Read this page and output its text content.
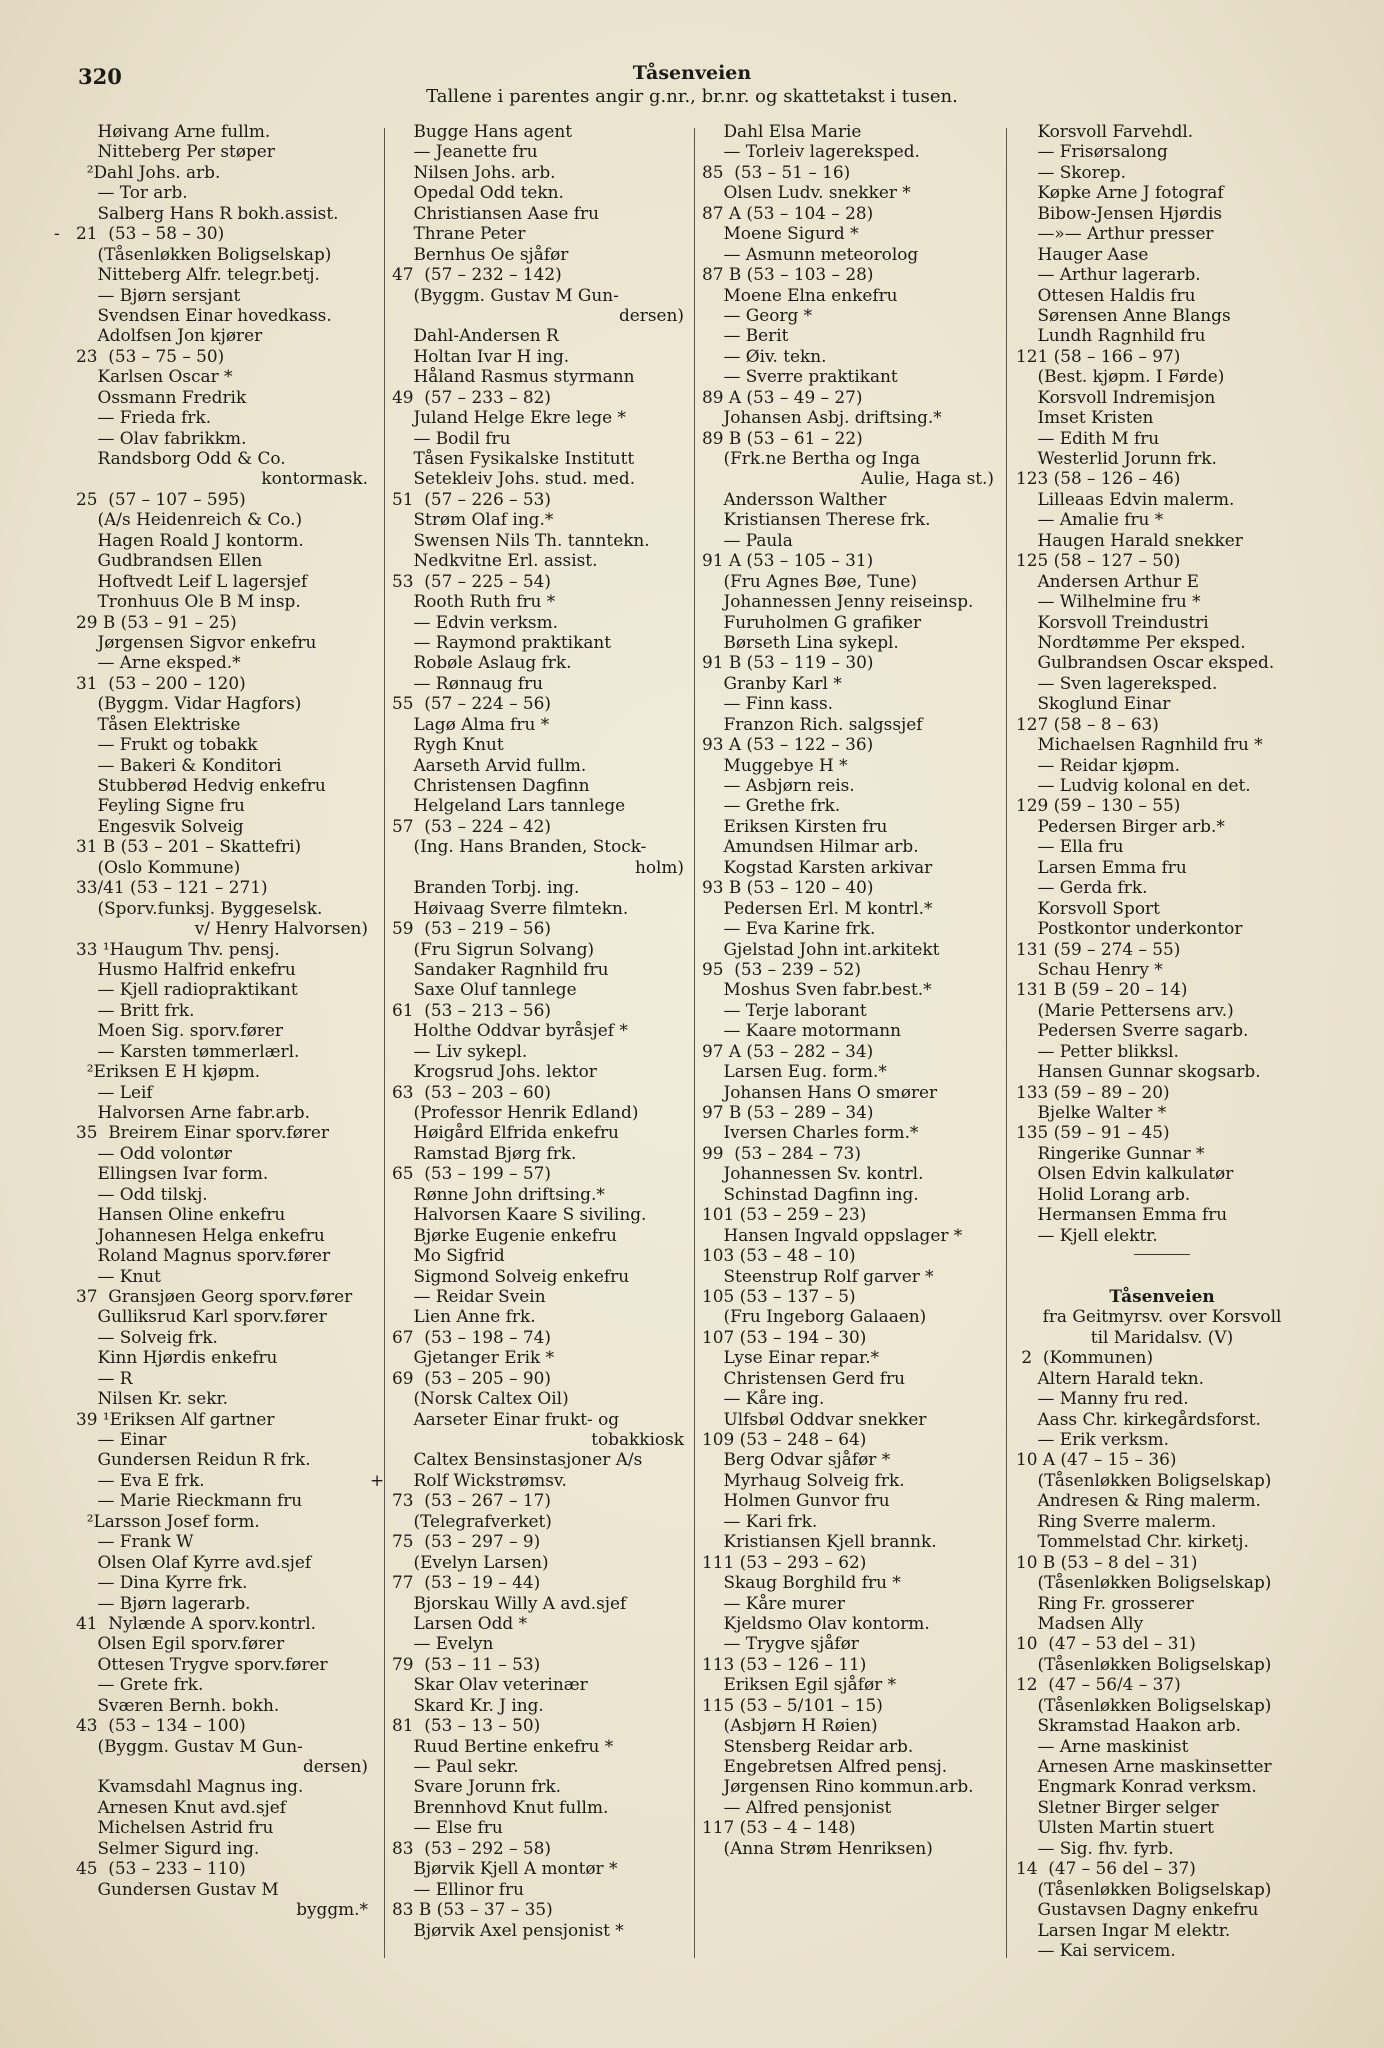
320	Tåsenveien
Tallene i parentes angir g.nr., br.nr. og skattetakst i tusen.
Høivang Arne fullm.
Nitteberg Per støper
²Dahl Johs. arb.
— Tor arb.
Salberg Hans R bokh.assist.
21  (53 – 58 – 30)
-
(Tåsenløkken Boligselskap)
Nitteberg Alfr. telegr.betj.
— Bjørn sersjant
Svendsen Einar hovedkass.
Adolfsen Jon kjører
23  (53 – 75 – 50)
Karlsen Oscar *
Ossmann Fredrik
— Frieda frk.
— Olav fabrikkm.
Randsborg Odd & Co.
kontormask.
25  (57 – 107 – 595)
(A/s Heidenreich & Co.)
Hagen Roald J kontorm.
Gudbrandsen Ellen
Hoftvedt Leif L lagersjef
Tronhuus Ole B M insp.
29 B (53 – 91 – 25)
Jørgensen Sigvor enkefru
— Arne eksped.*
31  (53 – 200 – 120)
(Byggm. Vidar Hagfors)
Tåsen Elektriske
— Frukt og tobakk
— Bakeri & Konditori
Stubberød Hedvig enkefru
Feyling Signe fru
Engesvik Solveig
31 B (53 – 201 – Skattefri)
(Oslo Kommune)
33/41 (53 – 121 – 271)
(Sporv.funksj. Byggeselsk.
v/ Henry Halvorsen)
33 ¹Haugum Thv. pensj.
Husmo Halfrid enkefru
— Kjell radiopraktikant
— Britt frk.
Moen Sig. sporv.fører
— Karsten tømmerlærl.
²Eriksen E H kjøpm.
— Leif
Halvorsen Arne fabr.arb.
35  Breirem Einar sporv.fører
— Odd volontør
Ellingsen Ivar form.
— Odd tilskj.
Hansen Oline enkefru
Johannesen Helga enkefru
Roland Magnus sporv.fører
— Knut
37  Gransjøen Georg sporv.fører
Gulliksrud Karl sporv.fører
— Solveig frk.
Kinn Hjørdis enkefru
— R
Nilsen Kr. sekr.
39 ¹Eriksen Alf gartner
— Einar
Gundersen Reidun R frk.
— Eva E frk.
— Marie Rieckmann fru
²Larsson Josef form.
— Frank W
Olsen Olaf Kyrre avd.sjef
— Dina Kyrre frk.
— Bjørn lagerarb.
41  Nylænde A sporv.kontrl.
Olsen Egil sporv.fører
Ottesen Trygve sporv.fører
— Grete frk.
Sværen Bernh. bokh.
43  (53 – 134 – 100)
(Byggm. Gustav M Gun-
dersen)
Kvamsdahl Magnus ing.
Arnesen Knut avd.sjef
Michelsen Astrid fru
Selmer Sigurd ing.
45  (53 – 233 – 110)
Gundersen Gustav M
byggm.*
Bugge Hans agent
— Jeanette fru
Nilsen Johs. arb.
Opedal Odd tekn.
Christiansen Aase fru
Thrane Peter
Bernhus Oe sjåfør
47  (57 – 232 – 142)
(Byggm. Gustav M Gun-
dersen)
Dahl-Andersen R
Holtan Ivar H ing.
Håland Rasmus styrmann
49  (57 – 233 – 82)
Juland Helge Ekre lege *
— Bodil fru
Tåsen Fysikalske Institutt
Setekleiv Johs. stud. med.
51  (57 – 226 – 53)
Strøm Olaf ing.*
Swensen Nils Th. tanntekn.
Nedkvitne Erl. assist.
53  (57 – 225 – 54)
Rooth Ruth fru *
— Edvin verksm.
— Raymond praktikant
Robøle Aslaug frk.
— Rønnaug fru
55  (57 – 224 – 56)
Lagø Alma fru *
Rygh Knut
Aarseth Arvid fullm.
Christensen Dagfinn
Helgeland Lars tannlege
57  (53 – 224 – 42)
(Ing. Hans Branden, Stock-
holm)
Branden Torbj. ing.
Høivaag Sverre filmtekn.
59  (53 – 219 – 56)
(Fru Sigrun Solvang)
Sandaker Ragnhild fru
Saxe Oluf tannlege
61  (53 – 213 – 56)
Holthe Oddvar byråsjef *
— Liv sykepl.
Krogsrud Johs. lektor
63  (53 – 203 – 60)
(Professor Henrik Edland)
Høigård Elfrida enkefru
Ramstad Bjørg frk.
65  (53 – 199 – 57)
Rønne John driftsing.*
Halvorsen Kaare S siviling.
Bjørke Eugenie enkefru
Mo Sigfrid
Sigmond Solveig enkefru
— Reidar Svein
Lien Anne frk.
67  (53 – 198 – 74)
Gjetanger Erik *
69  (53 – 205 – 90)
(Norsk Caltex Oil)
Aarseter Einar frukt- og
tobakkiosk
Caltex Bensinstasjoner A/s
Rolf Wickstrømsv.
+
73  (53 – 267 – 17)
(Telegrafverket)
75  (53 – 297 – 9)
(Evelyn Larsen)
77  (53 – 19 – 44)
Bjorskau Willy A avd.sjef
Larsen Odd *
— Evelyn
79  (53 – 11 – 53)
Skar Olav veterinær
Skard Kr. J ing.
81  (53 – 13 – 50)
Ruud Bertine enkefru *
— Paul sekr.
Svare Jorunn frk.
Brennhovd Knut fullm.
— Else fru
83  (53 – 292 – 58)
Bjørvik Kjell A montør *
— Ellinor fru
83 B (53 – 37 – 35)
Bjørvik Axel pensjonist *
Dahl Elsa Marie
— Torleiv lagereksped.
85  (53 – 51 – 16)
Olsen Ludv. snekker *
87 A (53 – 104 – 28)
Moene Sigurd *
— Asmunn meteorolog
87 B (53 – 103 – 28)
Moene Elna enkefru
— Georg *
— Berit
— Øiv. tekn.
— Sverre praktikant
89 A (53 – 49 – 27)
Johansen Asbj. driftsing.*
89 B (53 – 61 – 22)
(Frk.ne Bertha og Inga
Aulie, Haga st.)
Andersson Walther
Kristiansen Therese frk.
— Paula
91 A (53 – 105 – 31)
(Fru Agnes Bøe, Tune)
Johannessen Jenny reiseinsp.
Furuholmen G grafiker
Børseth Lina sykepl.
91 B (53 – 119 – 30)
Granby Karl *
— Finn kass.
Franzon Rich. salgssjef
93 A (53 – 122 – 36)
Muggebye H *
— Asbjørn reis.
— Grethe frk.
Eriksen Kirsten fru
Amundsen Hilmar arb.
Kogstad Karsten arkivar
93 B (53 – 120 – 40)
Pedersen Erl. M kontrl.*
— Eva Karine frk.
Gjelstad John int.arkitekt
95  (53 – 239 – 52)
Moshus Sven fabr.best.*
— Terje laborant
— Kaare motormann
97 A (53 – 282 – 34)
Larsen Eug. form.*
Johansen Hans O smører
97 B (53 – 289 – 34)
Iversen Charles form.*
99  (53 – 284 – 73)
Johannessen Sv. kontrl.
Schinstad Dagfinn ing.
101 (53 – 259 – 23)
Hansen Ingvald oppslager *
103 (53 – 48 – 10)
Steenstrup Rolf garver *
105 (53 – 137 – 5)
(Fru Ingeborg Galaaen)
107 (53 – 194 – 30)
Lyse Einar repar.*
Christensen Gerd fru
— Kåre ing.
Ulfsbøl Oddvar snekker
109 (53 – 248 – 64)
Berg Odvar sjåfør *
Myrhaug Solveig frk.
Holmen Gunvor fru
— Kari frk.
Kristiansen Kjell brannk.
111 (53 – 293 – 62)
Skaug Borghild fru *
— Kåre murer
Kjeldsmo Olav kontorm.
— Trygve sjåfør
113 (53 – 126 – 11)
Eriksen Egil sjåfør *
115 (53 – 5/101 – 15)
(Asbjørn H Røien)
Stensberg Reidar arb.
Engebretsen Alfred pensj.
Jørgensen Rino kommun.arb.
— Alfred pensjonist
117 (53 – 4 – 148)
(Anna Strøm Henriksen)
Korsvoll Farvehdl.
— Frisørsalong
— Skorep.
Køpke Arne J fotograf
Bibow-Jensen Hjørdis
—»— Arthur presser
Hauger Aase
— Arthur lagerarb.
Ottesen Haldis fru
Sørensen Anne Blangs
Lundh Ragnhild fru
121 (58 – 166 – 97)
(Best. kjøpm. I Førde)
Korsvoll Indremisjon
Imset Kristen
— Edith M fru
Westerlid Jorunn frk.
123 (58 – 126 – 46)
Lilleaas Edvin malerm.
— Amalie fru *
Haugen Harald snekker
125 (58 – 127 – 50)
Andersen Arthur E
— Wilhelmine fru *
Korsvoll Treindustri
Nordtømme Per eksped.
Gulbrandsen Oscar eksped.
— Sven lagereksped.
Skoglund Einar
127 (58 – 8 – 63)
Michaelsen Ragnhild fru *
— Reidar kjøpm.
— Ludvig kolonal en det.
129 (59 – 130 – 55)
Pedersen Birger arb.*
— Ella fru
Larsen Emma fru
— Gerda frk.
Korsvoll Sport
Postkontor underkontor
131 (59 – 274 – 55)
Schau Henry *
131 B (59 – 20 – 14)
(Marie Pettersens arv.)
Pedersen Sverre sagarb.
— Petter blikksl.
Hansen Gunnar skogsarb.
133 (59 – 89 – 20)
Bjelke Walter *
135 (59 – 91 – 45)
Ringerike Gunnar *
Olsen Edvin kalkulatør
Holid Lorang arb.
Hermansen Emma fru
— Kjell elektr.
Tåsenveien
fra Geitmyrsv. over Korsvoll
til Maridalsv. (V)
2  (Kommunen)
Altern Harald tekn.
— Manny fru red.
Aass Chr. kirkegårdsforst.
— Erik verksm.
10 A (47 – 15 – 36)
(Tåsenløkken Boligselskap)
Andresen & Ring malerm.
Ring Sverre malerm.
Tommelstad Chr. kirketj.
10 B (53 – 8 del – 31)
(Tåsenløkken Boligselskap)
Ring Fr. grosserer
Madsen Ally
10  (47 – 53 del – 31)
(Tåsenløkken Boligselskap)
12  (47 – 56/4 – 37)
(Tåsenløkken Boligselskap)
Skramstad Haakon arb.
— Arne maskinist
Arnesen Arne maskinsetter
Engmark Konrad verksm.
Sletner Birger selger
Ulsten Martin stuert
— Sig. fhv. fyrb.
14  (47 – 56 del – 37)
(Tåsenløkken Boligselskap)
Gustavsen Dagny enkefru
Larsen Ingar M elektr.
— Kai servicem.
